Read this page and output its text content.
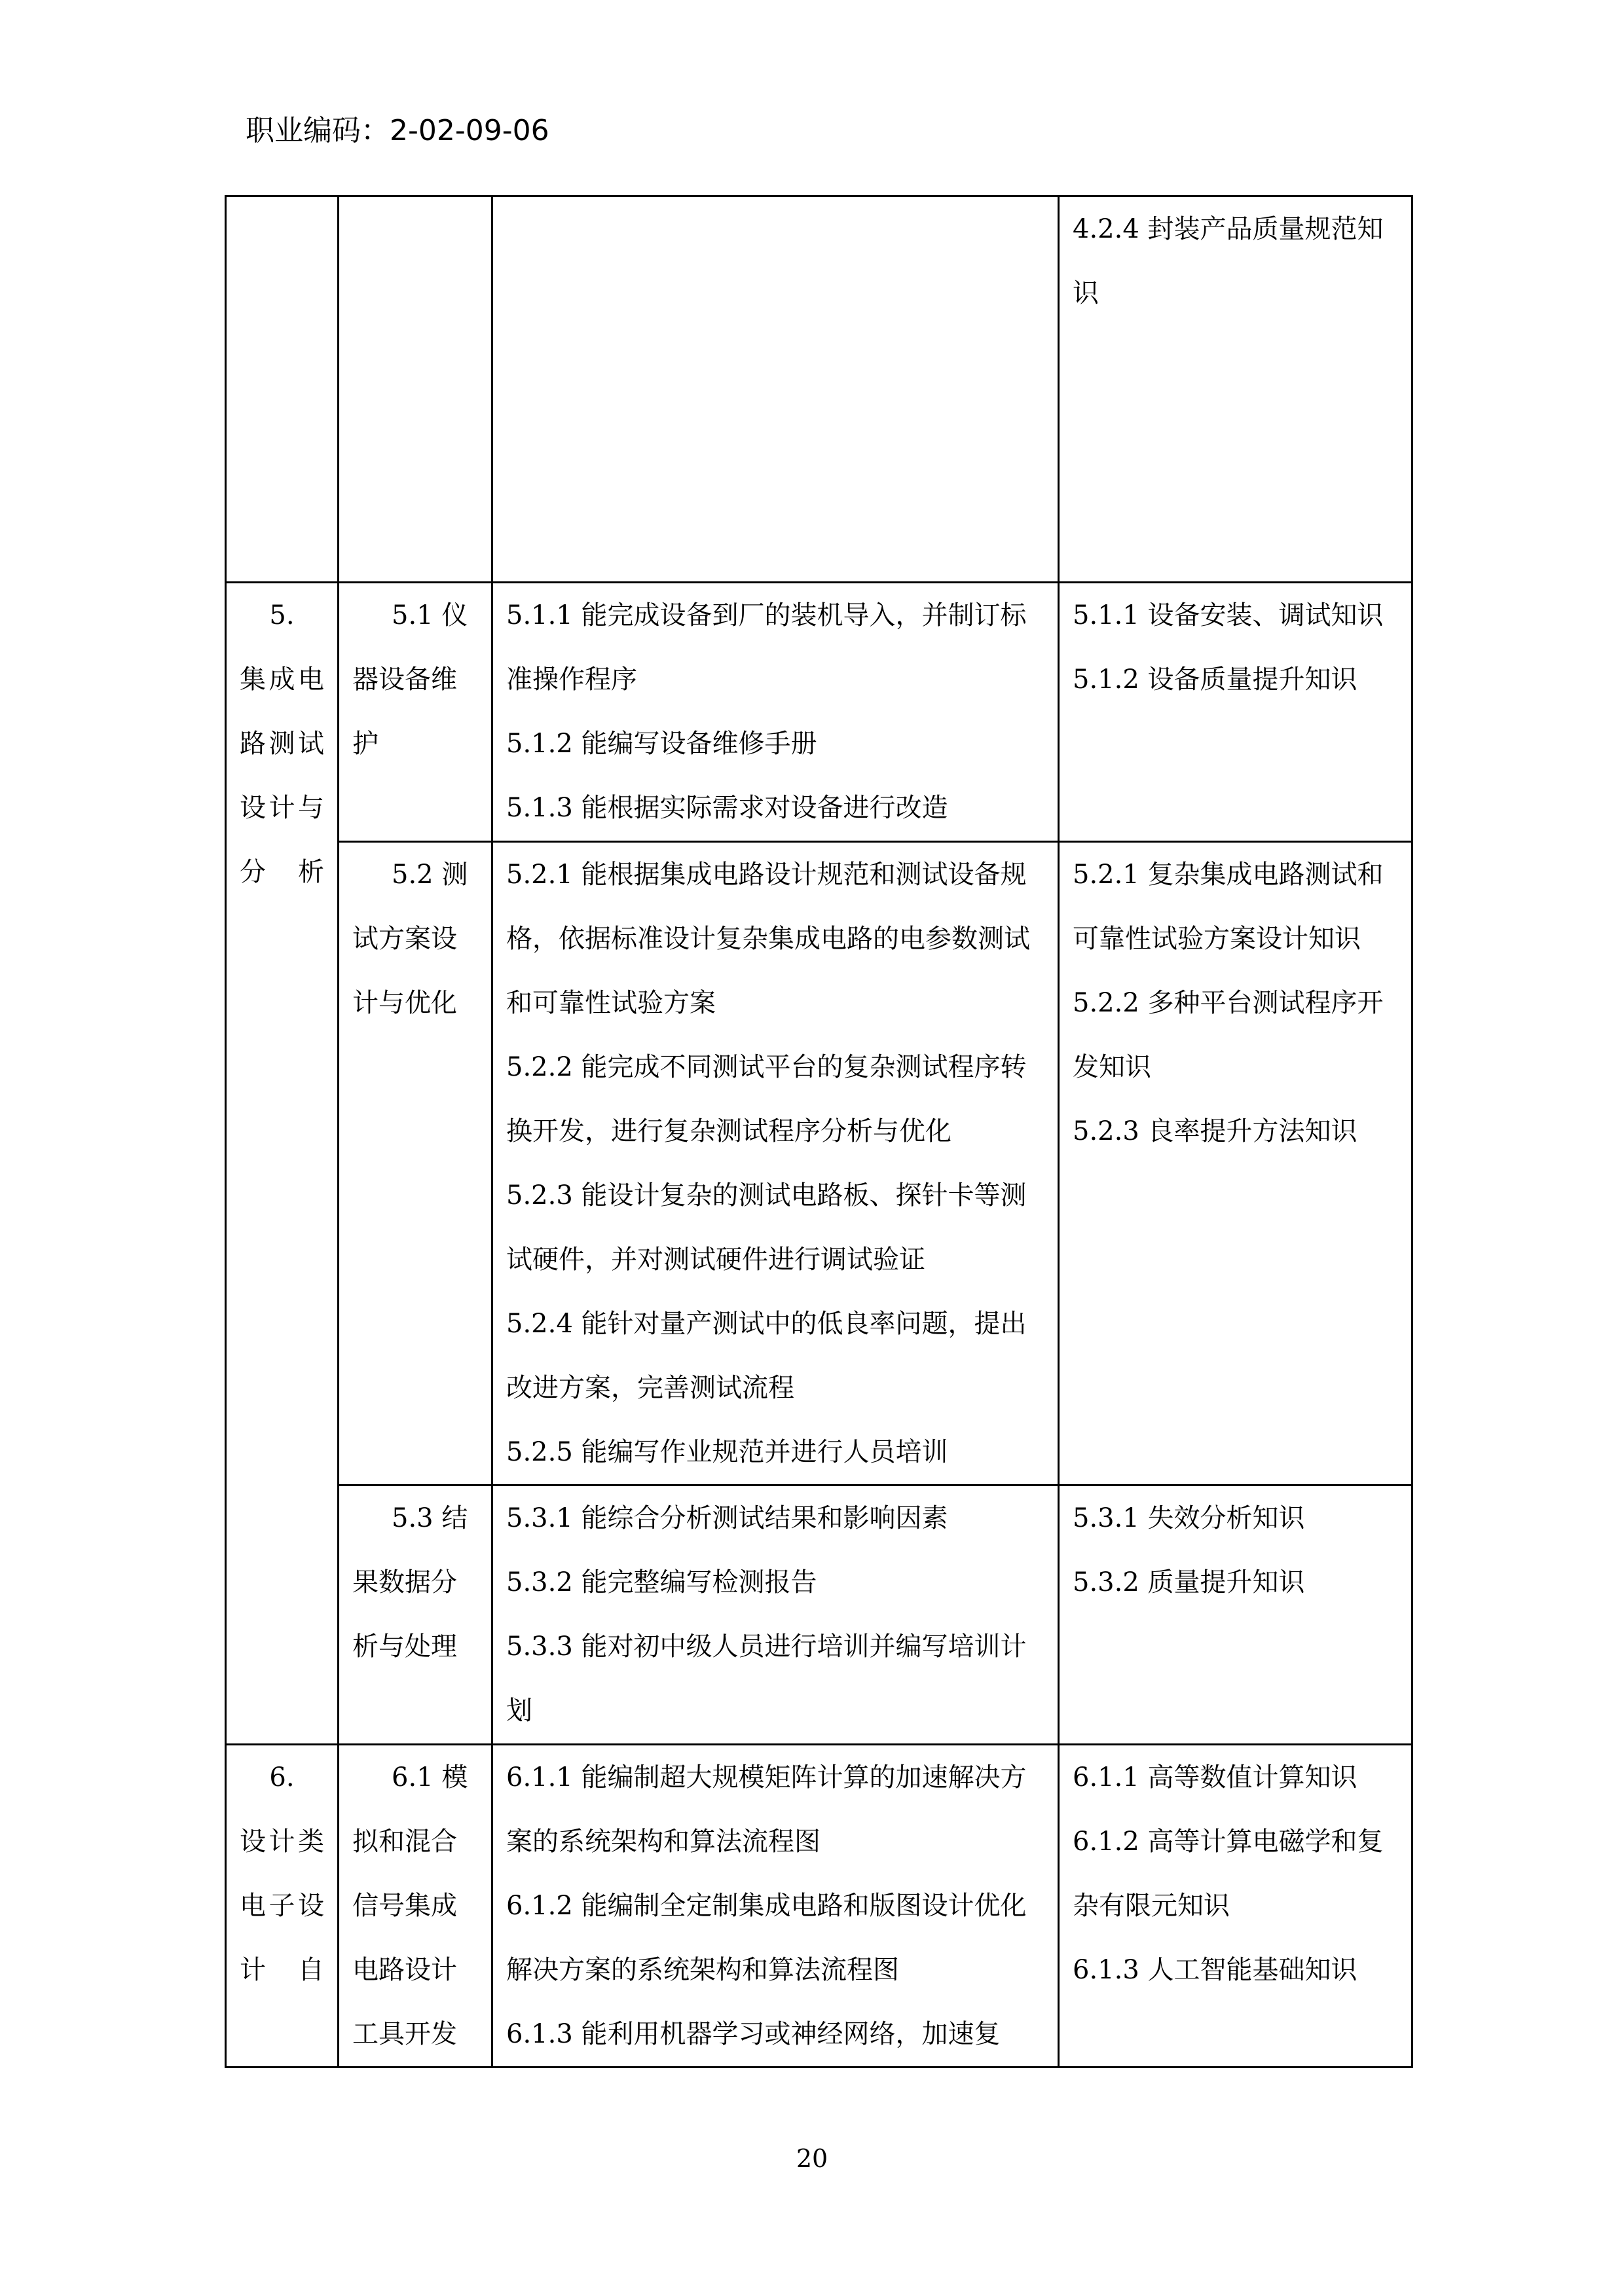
职业编码：2-02-09-06

			4.2.4 封装产品质量规范知识

5.
集成电路测试设计与分析	5.1 仪器设备维护	5.1.1 能完成设备到厂的装机导入，并制订标准操作程序
5.1.2 能编写设备维修手册
5.1.3 能根据实际需求对设备进行改造	5.1.1 设备安装、调试知识
5.1.2 设备质量提升知识

	5.2 测试方案设计与优化	5.2.1 能根据集成电路设计规范和测试设备规格，依据标准设计复杂集成电路的电参数测试和可靠性试验方案
5.2.2 能完成不同测试平台的复杂测试程序转换开发，进行复杂测试程序分析与优化
5.2.3 能设计复杂的测试电路板、探针卡等测试硬件，并对测试硬件进行调试验证
5.2.4 能针对量产测试中的低良率问题，提出改进方案，完善测试流程
5.2.5 能编写作业规范并进行人员培训	5.2.1 复杂集成电路测试和可靠性试验方案设计知识
5.2.2 多种平台测试程序开发知识
5.2.3 良率提升方法知识

	5.3 结果数据分析与处理	5.3.1 能综合分析测试结果和影响因素
5.3.2 能完整编写检测报告
5.3.3 能对初中级人员进行培训并编写培训计划	5.3.1 失效分析知识
5.3.2 质量提升知识

6.
设计类电子设计自	6.1 模拟和混合信号集成电路设计工具开发	6.1.1 能编制超大规模矩阵计算的加速解决方案的系统架构和算法流程图
6.1.2 能编制全定制集成电路和版图设计优化解决方案的系统架构和算法流程图
6.1.3 能利用机器学习或神经网络，加速复	6.1.1 高等数值计算知识
6.1.2 高等计算电磁学和复杂有限元知识
6.1.3 人工智能基础知识
20
